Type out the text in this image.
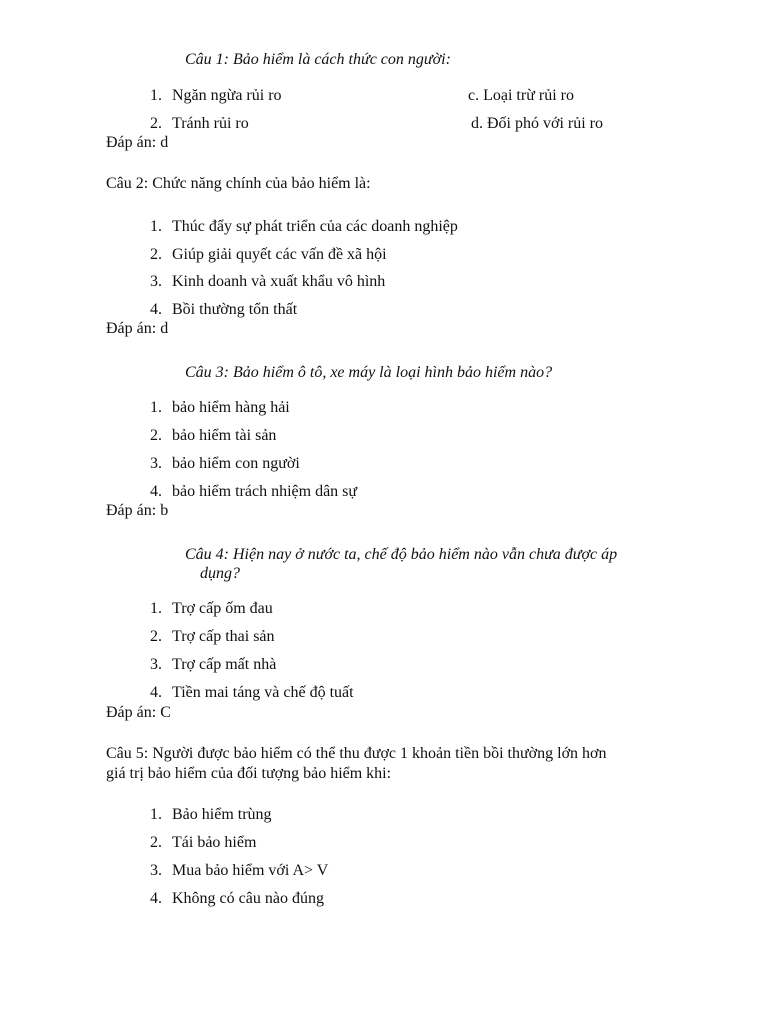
Câu 1: Bảo hiểm là cách thức con người:
1. Ngăn ngừa rủi ro	c. Loại trừ rủi ro
2. Tránh rủi ro	d. Đối phó với rủi ro
Đáp án: d
Câu 2: Chức năng chính của bảo hiểm là:
1. Thúc đẩy sự phát triển của các doanh nghiệp
2. Giúp giải quyết các vấn đề xã hội
3. Kinh doanh và xuất khẩu vô hình
4. Bồi thường tổn thất
Đáp án: d
Câu 3: Bảo hiểm ô tô, xe máy là loại hình bảo hiểm nào?
1. bảo hiểm hàng hải
2. bảo hiểm tài sản
3. bảo hiểm con người
4. bảo hiểm trách nhiệm dân sự
Đáp án: b
Câu 4: Hiện nay ở nước ta, chế độ bảo hiểm nào vẫn chưa được áp
dụng?
1. Trợ cấp ốm đau
2. Trợ cấp thai sản
3. Trợ cấp mất nhà
4. Tiền mai táng và chế độ tuất
Đáp án: C
Câu 5: Người được bảo hiểm có thể thu được 1 khoản tiền bồi thường lớn hơn
giá trị bảo hiểm của đối tượng bảo hiểm khi:
1. Bảo hiểm trùng
2. Tái bảo hiểm
3. Mua bảo hiểm với A> V
4. Không có câu nào đúng
